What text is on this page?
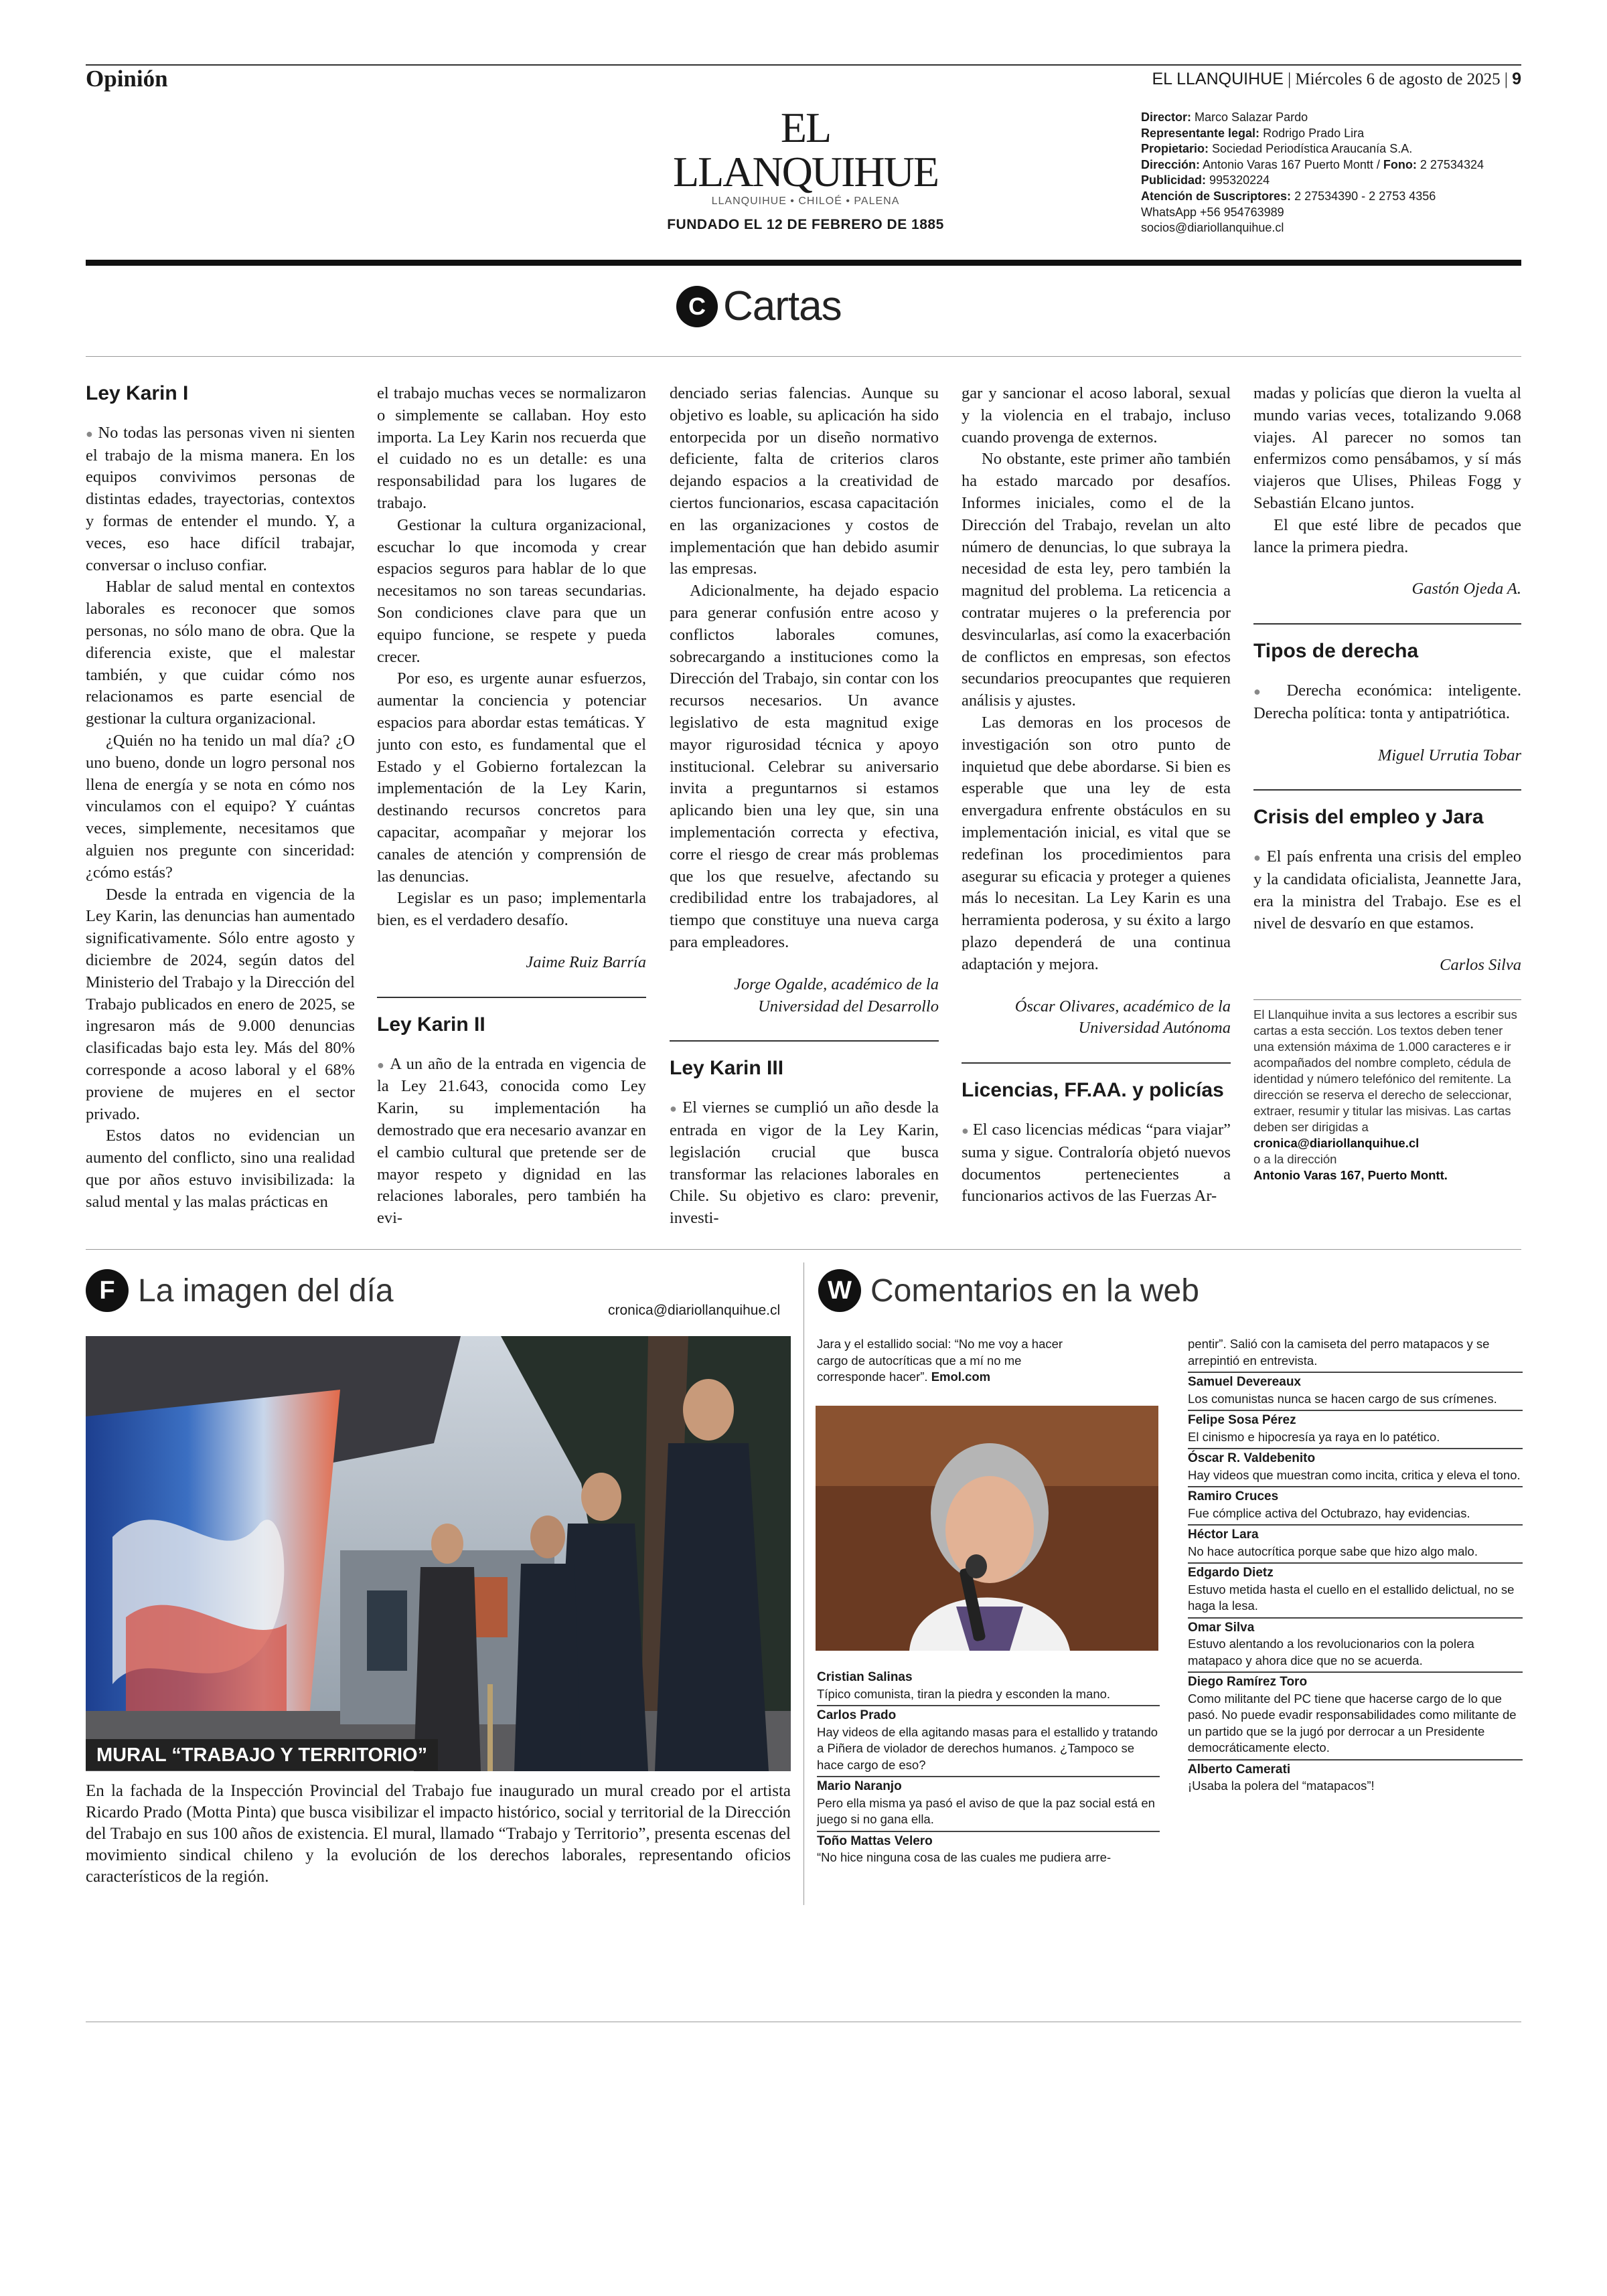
Opinión	EL LLANQUIHUE | Miércoles 6 de agosto de 2025 | 9
EL LLANQUIHUE
LLANQUIHUE • CHILOÉ • PALENA
FUNDADO EL 12 DE FEBRERO DE 1885
Director: Marco Salazar Pardo
Representante legal: Rodrigo Prado Lira
Propietario: Sociedad Periodística Araucanía S.A.
Dirección: Antonio Varas 167 Puerto Montt / Fono: 2 27534324
Publicidad: 995320224
Atención de Suscriptores: 2 27534390 - 2 2753 4356
WhatsApp +56 954763989
socios@diariollanquihue.cl
C Cartas
Ley Karin I

● No todas las personas viven ni sienten el trabajo de la misma manera. En los equipos convivimos personas de distintas edades, trayectorias, contextos y formas de entender el mundo. Y, a veces, eso hace difícil trabajar, conversar o incluso confiar.

Hablar de salud mental en contextos laborales es reconocer que somos personas, no sólo mano de obra. Que la diferencia existe, que el malestar también, y que cuidar cómo nos relacionamos es parte esencial de gestionar la cultura organizacional.

¿Quién no ha tenido un mal día? ¿O uno bueno, donde un logro personal nos llena de energía y se nota en cómo nos vinculamos con el equipo? Y cuántas veces, simplemente, necesitamos que alguien nos pregunte con sinceridad: ¿cómo estás?

Desde la entrada en vigencia de la Ley Karin, las denuncias han aumentado significativamente. Sólo entre agosto y diciembre de 2024, según datos del Ministerio del Trabajo y la Dirección del Trabajo publicados en enero de 2025, se ingresaron más de 9.000 denuncias clasificadas bajo esta ley. Más del 80% corresponde a acoso laboral y el 68% proviene de mujeres en el sector privado.

Estos datos no evidencian un aumento del conflicto, sino una realidad que por años estuvo invisibilizada: la salud mental y las malas prácticas en

el trabajo muchas veces se normalizaron o simplemente se callaban. Hoy esto importa. La Ley Karin nos recuerda que el cuidado no es un detalle: es una responsabilidad para los lugares de trabajo.

Gestionar la cultura organizacional, escuchar lo que incomoda y crear espacios seguros para hablar de lo que necesitamos no son tareas secundarias. Son condiciones clave para que un equipo funcione, se respete y pueda crecer.

Por eso, es urgente aunar esfuerzos, aumentar la conciencia y potenciar espacios para abordar estas temáticas. Y junto con esto, es fundamental que el Estado y el Gobierno fortalezcan la implementación de la Ley Karin, destinando recursos concretos para capacitar, acompañar y mejorar los canales de atención y comprensión de las denuncias.

Legislar es un paso; implementarla bien, es el verdadero desafío.

Jaime Ruiz Barría

Ley Karin II

● A un año de la entrada en vigencia de la Ley 21.643, conocida como Ley Karin, su implementación ha demostrado que era necesario avanzar en el cambio cultural que pretende ser de mayor respeto y dignidad en las relaciones laborales, pero también ha evi-

denciado serias falencias. Aunque su objetivo es loable, su aplicación ha sido entorpecida por un diseño normativo deficiente, falta de criterios claros dejando espacios a la creatividad de ciertos funcionarios, escasa capacitación en las organizaciones y costos de implementación que han debido asumir las empresas.

Adicionalmente, ha dejado espacio para generar confusión entre acoso y conflictos laborales comunes, sobrecargando a instituciones como la Dirección del Trabajo, sin contar con los recursos necesarios. Un avance legislativo de esta magnitud exige mayor rigurosidad técnica y apoyo institucional. Celebrar su aniversario invita a preguntarnos si estamos aplicando bien una ley que, sin una implementación correcta y efectiva, corre el riesgo de crear más problemas que los que resuelve, afectando su credibilidad entre los trabajadores, al tiempo que constituye una nueva carga para empleadores.

Jorge Ogalde, académico de la Universidad del Desarrollo

Ley Karin III

● El viernes se cumplió un año desde la entrada en vigor de la Ley Karin, legislación crucial que busca transformar las relaciones laborales en Chile. Su objetivo es claro: prevenir, investi-

gar y sancionar el acoso laboral, sexual y la violencia en el trabajo, incluso cuando provenga de externos.

No obstante, este primer año también ha estado marcado por desafíos. Informes iniciales, como el de la Dirección del Trabajo, revelan un alto número de denuncias, lo que subraya la necesidad de esta ley, pero también la magnitud del problema. La reticencia a contratar mujeres o la preferencia por desvincularlas, así como la exacerbación de conflictos en empresas, son efectos secundarios preocupantes que requieren análisis y ajustes.

Las demoras en los procesos de investigación son otro punto de inquietud que debe abordarse. Si bien es esperable que una ley de esta envergadura enfrente obstáculos en su implementación inicial, es vital que se redefinan los procedimientos para asegurar su eficacia y proteger a quienes más lo necesitan. La Ley Karin es una herramienta poderosa, y su éxito a largo plazo dependerá de una continua adaptación y mejora.

Óscar Olivares, académico de la Universidad Autónoma

Licencias, FF.AA. y policías

● El caso licencias médicas “para viajar” suma y sigue. Contraloría objetó nuevos documentos pertenecientes a funcionarios activos de las Fuerzas Ar-

madas y policías que dieron la vuelta al mundo varias veces, totalizando 9.068 viajes. Al parecer no somos tan enfermizos como pensábamos, y sí más viajeros que Ulises, Phileas Fogg y Sebastián Elcano juntos.

El que esté libre de pecados que lance la primera piedra.

Gastón Ojeda A.

Tipos de derecha

● Derecha económica: inteligente. Derecha política: tonta y antipatriótica.

Miguel Urrutia Tobar

Crisis del empleo y Jara

● El país enfrenta una crisis del empleo y la candidata oficialista, Jeannette Jara, era la ministra del Trabajo. Ese es el nivel de desvarío en que estamos.

Carlos Silva

El Llanquihue invita a sus lectores a escribir sus cartas a esta sección. Los textos deben tener una extensión máxima de 1.000 caracteres e ir acompañados del nombre completo, cédula de identidad y número telefónico del remitente. La dirección se reserva el derecho de seleccionar, extraer, resumir y titular las misivas. Las cartas deben ser dirigidas a
cronica@diariollanquihue.cl
o a la dirección
Antonio Varas 167, Puerto Montt.
F La imagen del día
cronica@diariollanquihue.cl
MURAL “TRABAJO Y TERRITORIO”
En la fachada de la Inspección Provincial del Trabajo fue inaugurado un mural creado por el artista Ricardo Prado (Motta Pinta) que busca visibilizar el impacto histórico, social y territorial de la Dirección del Trabajo en sus 100 años de existencia. El mural, llamado “Trabajo y Territorio”, presenta escenas del movimiento sindical chileno y la evolución de los derechos laborales, representando oficios característicos de la región.
W Comentarios en la web
Jara y el estallido social: “No me voy a hacer cargo de autocríticas que a mí no me corresponde hacer”. Emol.com
Cristian Salinas
Típico comunista, tiran la piedra y esconden la mano.
Carlos Prado
Hay videos de ella agitando masas para el estallido y tratando a Piñera de violador de derechos humanos. ¿Tampoco se hace cargo de eso?
Mario Naranjo
Pero ella misma ya pasó el aviso de que la paz social está en juego si no gana ella.
Toño Mattas Velero
“No hice ninguna cosa de las cuales me pudiera arre-
pentir”. Salió con la camiseta del perro matapacos y se arrepintió en entrevista.
Samuel Devereaux
Los comunistas nunca se hacen cargo de sus crímenes.
Felipe Sosa Pérez
El cinismo e hipocresía ya raya en lo patético.
Óscar R. Valdebenito
Hay videos que muestran como incita, critica y eleva el tono.
Ramiro Cruces
Fue cómplice activa del Octubrazo, hay evidencias.
Héctor Lara
No hace autocrítica porque sabe que hizo algo malo.
Edgardo Dietz
Estuvo metida hasta el cuello en el estallido delictual, no se haga la lesa.
Omar Silva
Estuvo alentando a los revolucionarios con la polera matapaco y ahora dice que no se acuerda.
Diego Ramírez Toro
Como militante del PC tiene que hacerse cargo de lo que pasó. No puede evadir responsabilidades como militante de un partido que se la jugó por derrocar a un Presidente democráticamente electo.
Alberto Camerati
¡Usaba la polera del “matapacos”!
